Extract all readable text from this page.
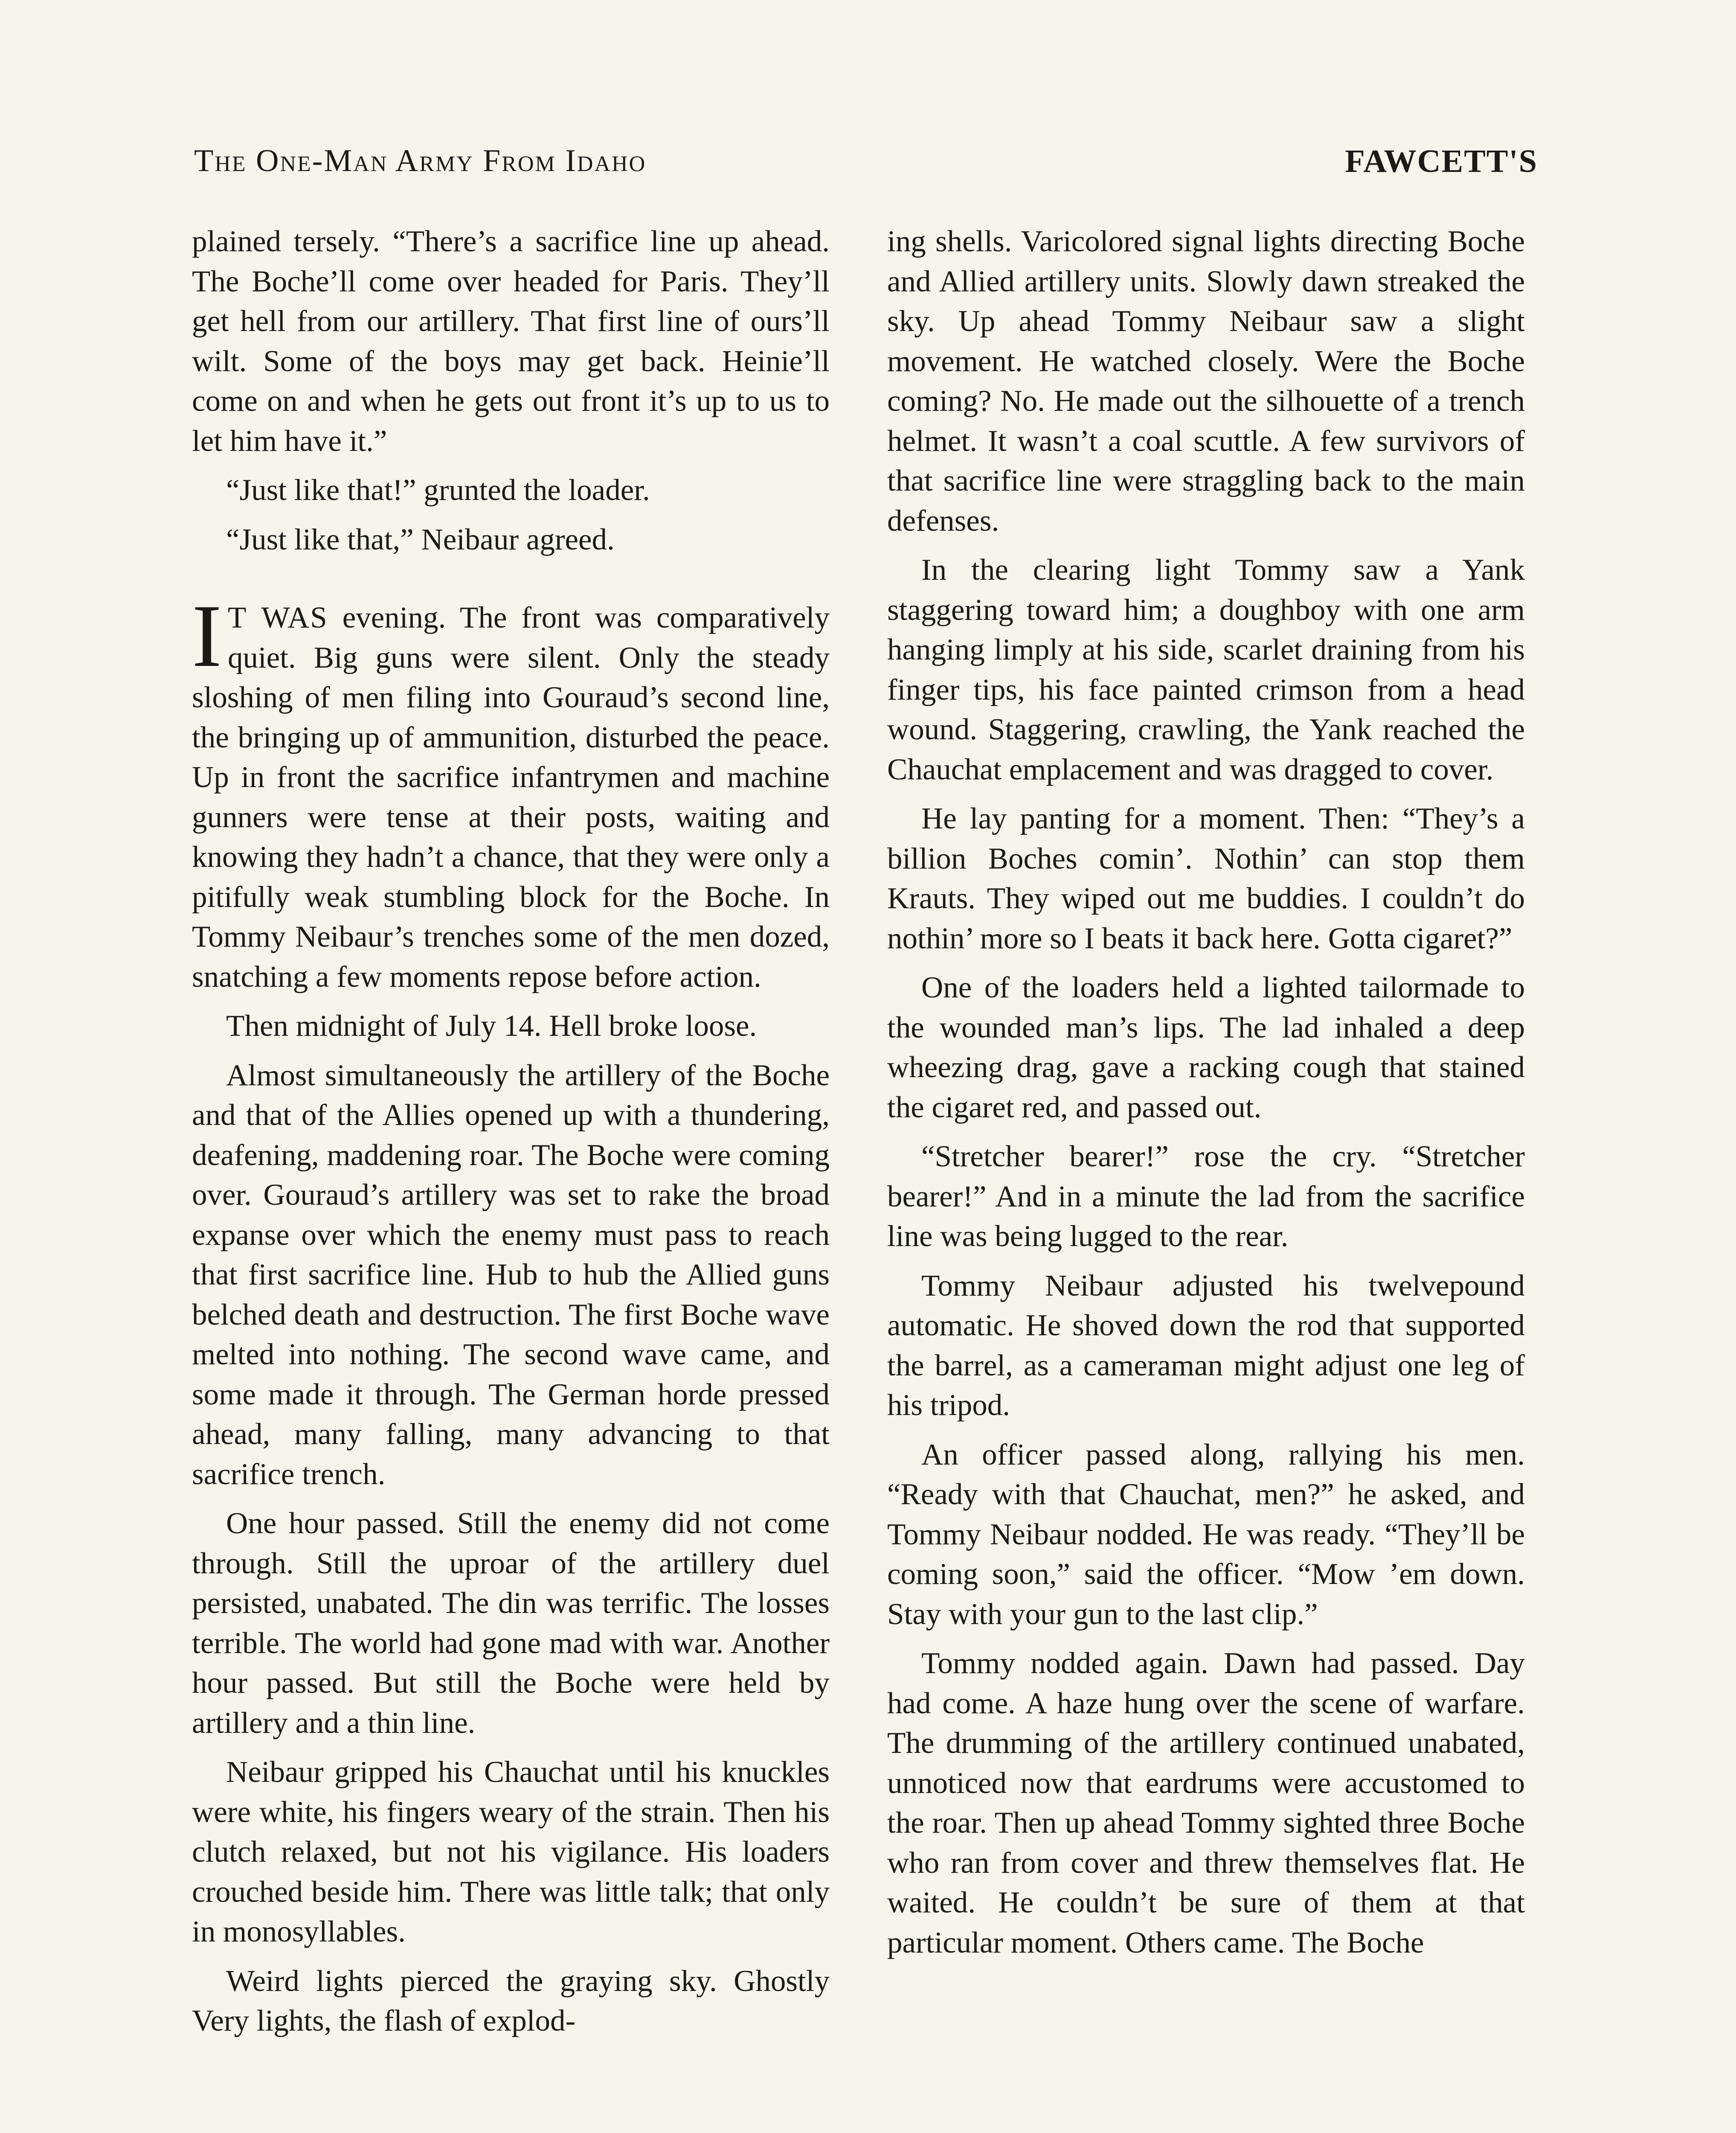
The One-Man Army From Idaho	FAWCETT'S

plained tersely. “There’s a sacrifice line up ahead. The Boche’ll come over headed for Paris. They’ll get hell from our artillery. That first line of ours’ll wilt. Some of the boys may get back. Heinie’ll come on and when he gets out front it’s up to us to let him have it.”

“Just like that!” grunted the loader.

“Just like that,” Neibaur agreed.

I T WAS evening. The front was comparatively quiet. Big guns were silent. Only the steady sloshing of men filing into Gouraud’s second line, the bringing up of ammunition, disturbed the peace. Up in front the sacrifice infantrymen and machine gunners were tense at their posts, waiting and knowing they hadn’t a chance, that they were only a pitifully weak stumbling block for the Boche. In Tommy Neibaur’s trenches some of the men dozed, snatching a few moments repose before action.

Then midnight of July 14. Hell broke loose.

Almost simultaneously the artillery of the Boche and that of the Allies opened up with a thundering, deafening, maddening roar. The Boche were coming over. Gouraud’s artillery was set to rake the broad expanse over which the enemy must pass to reach that first sacrifice line. Hub to hub the Allied guns belched death and destruction. The first Boche wave melted into nothing. The second wave came, and some made it through. The German horde pressed ahead, many falling, many advancing to that sacrifice trench.

One hour passed. Still the enemy did not come through. Still the uproar of the artillery duel persisted, unabated. The din was terrific. The losses terrible. The world had gone mad with war. Another hour passed. But still the Boche were held by artillery and a thin line.

Neibaur gripped his Chauchat until his knuckles were white, his fingers weary of the strain. Then his clutch relaxed, but not his vigilance. His loaders crouched beside him. There was little talk; that only in monosyllables.

Weird lights pierced the graying sky. Ghostly Very lights, the flash of explod-

ing shells. Varicolored signal lights directing Boche and Allied artillery units. Slowly dawn streaked the sky. Up ahead Tommy Neibaur saw a slight movement. He watched closely. Were the Boche coming? No. He made out the silhouette of a trench helmet. It wasn’t a coal scuttle. A few survivors of that sacrifice line were straggling back to the main defenses.

In the clearing light Tommy saw a Yank staggering toward him; a doughboy with one arm hanging limply at his side, scarlet draining from his finger tips, his face painted crimson from a head wound. Staggering, crawling, the Yank reached the Chauchat emplacement and was dragged to cover.

He lay panting for a moment. Then: “They’s a billion Boches comin’. Nothin’ can stop them Krauts. They wiped out me buddies. I couldn’t do nothin’ more so I beats it back here. Gotta cigaret?”

One of the loaders held a lighted tailormade to the wounded man’s lips. The lad inhaled a deep wheezing drag, gave a racking cough that stained the cigaret red, and passed out.

“Stretcher bearer!” rose the cry. “Stretcher bearer!” And in a minute the lad from the sacrifice line was being lugged to the rear.

Tommy Neibaur adjusted his twelvepound automatic. He shoved down the rod that supported the barrel, as a cameraman might adjust one leg of his tripod.

An officer passed along, rallying his men. “Ready with that Chauchat, men?” he asked, and Tommy Neibaur nodded. He was ready. “They’ll be coming soon,” said the officer. “Mow ’em down. Stay with your gun to the last clip.”

Tommy nodded again. Dawn had passed. Day had come. A haze hung over the scene of warfare. The drumming of the artillery continued unabated, unnoticed now that eardrums were accustomed to the roar. Then up ahead Tommy sighted three Boche who ran from cover and threw themselves flat. He waited. He couldn’t be sure of them at that particular moment. Others came. The Boche
